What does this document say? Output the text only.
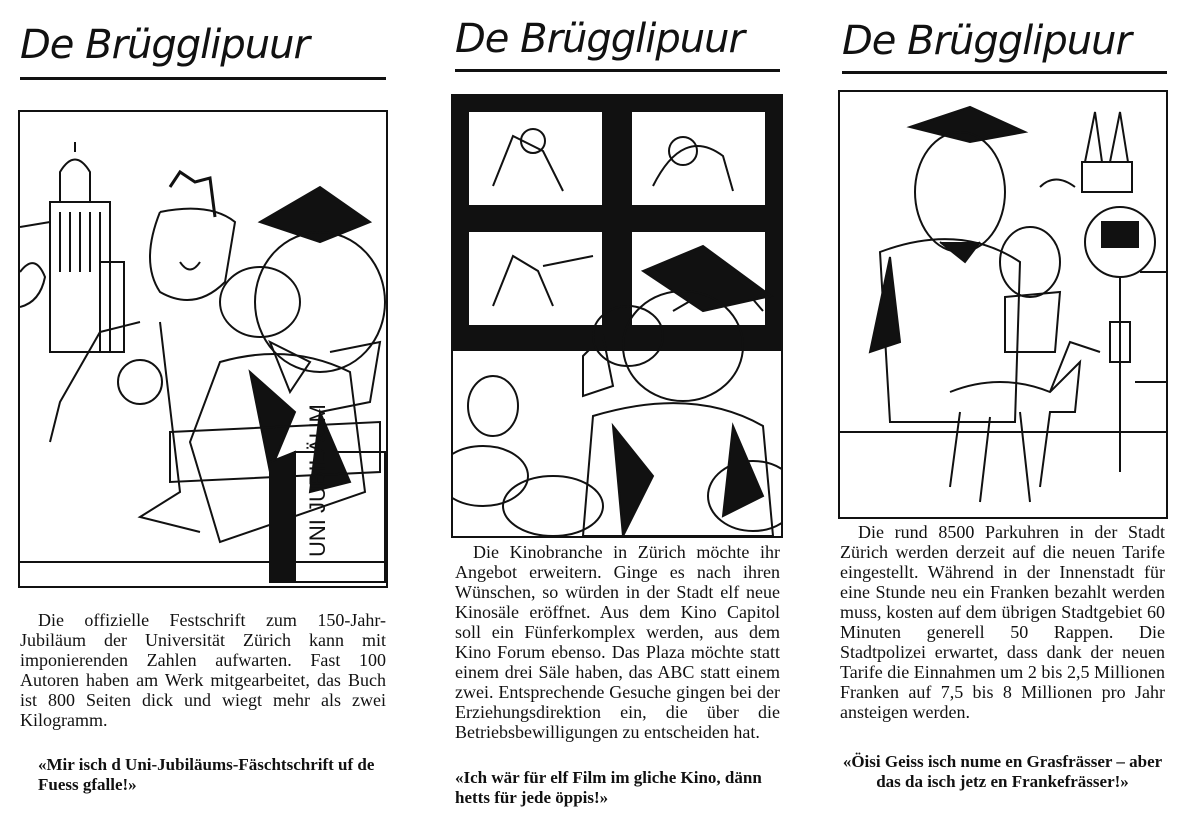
De Brügglipuur
UNI JUBILÄUM

Die offizielle Festschrift zum 150-Jahr-Jubiläum der Universität Zürich kann mit imponierenden Zahlen aufwarten. Fast 100 Autoren haben am Werk mitgearbeitet, das Buch ist 800 Seiten dick und wiegt mehr als zwei Kilogramm.

«Mir isch d Uni-Jubiläums-Fäschtschrift uf de Fuess gfalle!»

De Brügglipuur

Die Kinobranche in Zürich möchte ihr Angebot erweitern. Ginge es nach ihren Wünschen, so würden in der Stadt elf neue Kinosäle eröffnet. Aus dem Kino Capitol soll ein Fünferkomplex werden, aus dem Kino Forum ebenso. Das Plaza möchte statt einem drei Säle haben, das ABC statt einem zwei. Entsprechende Gesuche gingen bei der Erziehungsdirektion ein, die über die Betriebsbewilligungen zu entscheiden hat.

«Ich wär für elf Film im gliche Kino, dänn hetts für jede öppis!»

De Brügglipuur

Die rund 8500 Parkuhren in der Stadt Zürich werden derzeit auf die neuen Tarife eingestellt. Während in der Innenstadt für eine Stunde neu ein Franken bezahlt werden muss, kosten auf dem übrigen Stadtgebiet 60 Minuten generell 50 Rappen. Die Stadtpolizei erwartet, dass dank der neuen Tarife die Einnahmen um 2 bis 2,5 Millionen Franken auf 7,5 bis 8 Millionen pro Jahr ansteigen werden.

«Öisi Geiss isch nume en Grasfrässer – aber das da isch jetz en Frankefrässer!»
